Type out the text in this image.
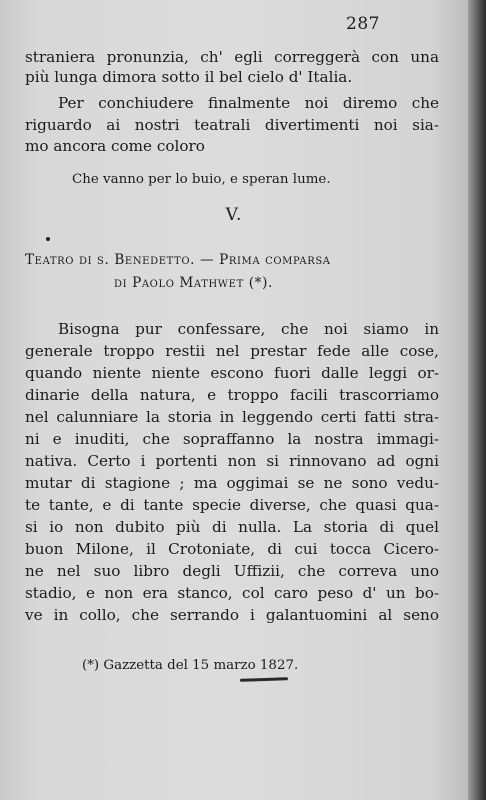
287
straniera pronunzia, ch' egli correggerà con una
più lunga dimora sotto il bel cielo d' Italia.
Per conchiudere finalmente noi diremo che
riguardo ai nostri teatrali divertimenti noi sia-
mo ancora come coloro
Che vanno per lo buio, e speran lume.
V.
Teatro di s. Benedetto. — Prima comparsa
di Paolo Mathwet (*).
Bisogna pur confessare, che noi siamo in
generale troppo restii nel prestar fede alle cose,
quando niente niente escono fuori dalle leggi or-
dinarie della natura, e troppo facili trascorriamo
nel calunniare la storia in leggendo certi fatti stra-
ni e inuditi, che sopraffanno la nostra immagi-
nativa. Certo i portenti non si rinnovano ad ogni
mutar di stagione ; ma oggimai se ne sono vedu-
te tante, e di tante specie diverse, che quasi qua-
si io non dubito più di nulla. La storia di quel
buon Milone, il Crotoniate, di cui tocca Cicero-
ne nel suo libro degli Uffizii, che correva uno
stadio, e non era stanco, col caro peso d' un bo-
ve in collo, che serrando i galantuomini al seno
(*) Gazzetta del 15 marzo 1827.
